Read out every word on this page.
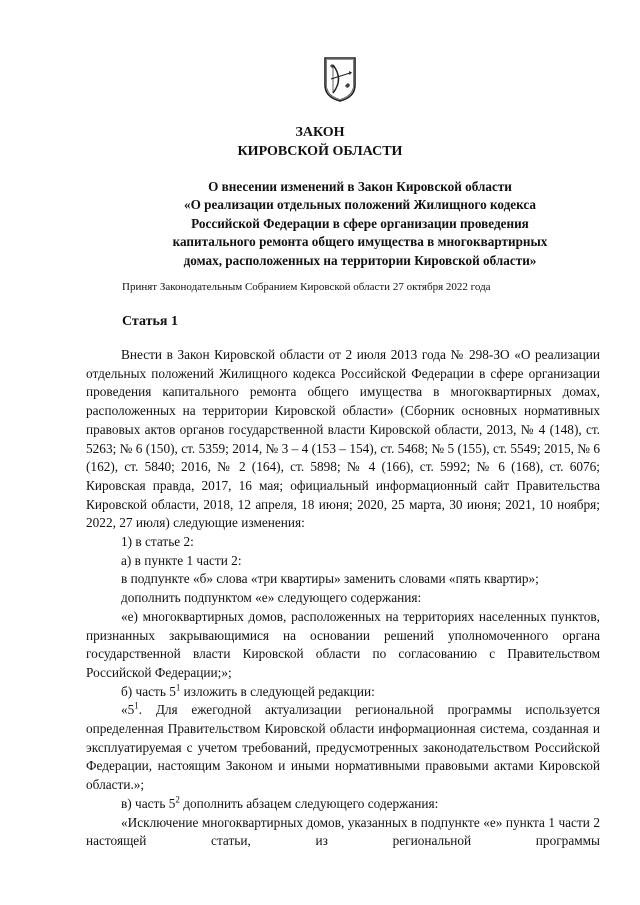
ЗАКОН
КИРОВСКОЙ ОБЛАСТИ
О внесении изменений в Закон Кировской области
«О реализации отдельных положений Жилищного кодекса
Российской Федерации в сфере организации проведения
капитального ремонта общего имущества в многоквартирных
домах, расположенных на территории Кировской области»
Принят Законодательным Собранием Кировской области 27 октября 2022 года
Статья 1

Внести в Закон Кировской области от 2 июля 2013 года № 298-ЗО «О реализации отдельных положений Жилищного кодекса Российской Федерации в сфере организации проведения капитального ремонта общего имущества в многоквартирных домах, расположенных на территории Кировской области» (Сборник основных нормативных правовых актов органов государственной власти Кировской области, 2013, № 4 (148), ст. 5263; № 6 (150), ст. 5359; 2014, № 3 – 4 (153 – 154), ст. 5468; № 5 (155), ст. 5549; 2015, № 6 (162), ст. 5840; 2016, № 2 (164), ст. 5898; № 4 (166), ст. 5992; № 6 (168), ст. 6076; Кировская правда, 2017, 16 мая; официальный информационный сайт Правительства Кировской области, 2018, 12 апреля, 18 июня; 2020, 25 марта, 30 июня; 2021, 10 ноября; 2022, 27 июля) следующие изменения:

1) в статье 2:

а) в пункте 1 части 2:

в подпункте «б» слова «три квартиры» заменить словами «пять квартир»;

дополнить подпунктом «е» следующего содержания:

«е) многоквартирных домов, расположенных на территориях населенных пунктов, признанных закрывающимися на основании решений уполномоченного органа государственной власти Кировской области по согласованию с Правительством Российской Федерации;»;

б) часть $5^1$ изложить в следующей редакции:

«$5^1$. Для ежегодной актуализации региональной программы используется определенная Правительством Кировской области информационная система, созданная и эксплуатируемая с учетом требований, предусмотренных законодательством Российской Федерации, настоящим Законом и иными нормативными правовыми актами Кировской области.»;

в) часть $5^2$ дополнить абзацем следующего содержания:

«Исключение многоквартирных домов, указанных в подпункте «е» пункта 1 части 2 настоящей статьи, из региональной программы
